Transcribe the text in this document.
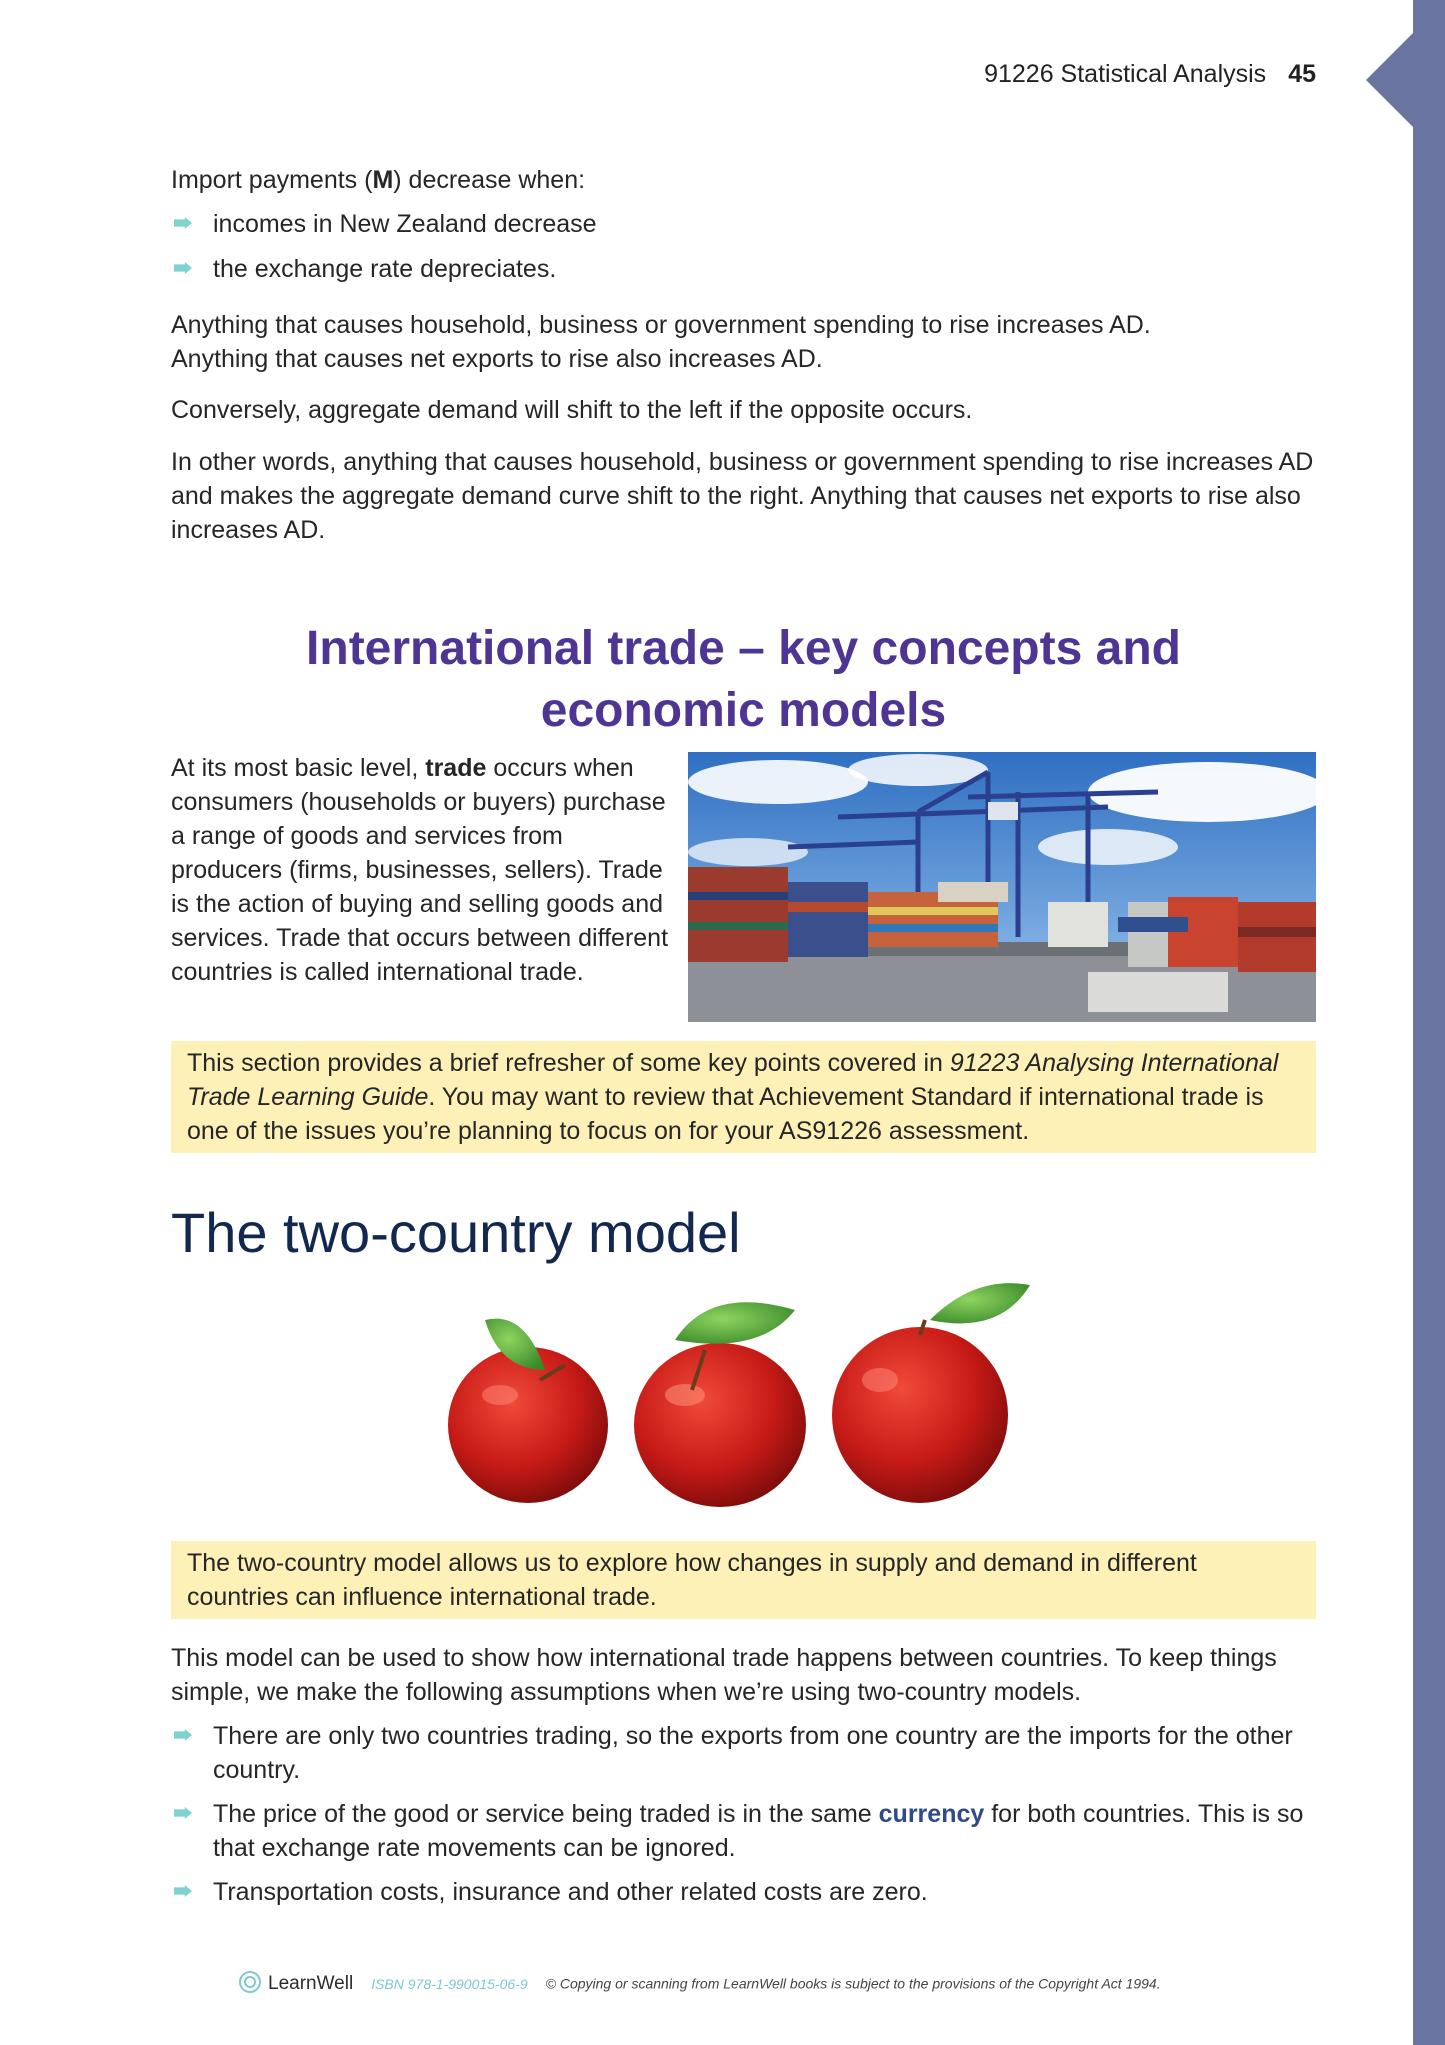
91226 Statistical Analysis 45

Import payments (M) decrease when:

incomes in New Zealand decrease
the exchange rate depreciates.

Anything that causes household, business or government spending to rise increases AD.

Anything that causes net exports to rise also increases AD.

Conversely, aggregate demand will shift to the left if the opposite occurs.

In other words, anything that causes household, business or government spending to rise increases AD and makes the aggregate demand curve shift to the right. Anything that causes net exports to rise also increases AD.

International trade – key concepts and
economic models

At its most basic level, trade occurs when consumers (households or buyers) purchase a range of goods and services from producers (firms, businesses, sellers). Trade is the action of buying and selling goods and services. Trade that occurs between different countries is called international trade.

This section provides a brief refresher of some key points covered in 91223 Analysing International Trade Learning Guide. You may want to review that Achievement Standard if international trade is one of the issues you’re planning to focus on for your AS91226 assessment.
The two-country model
The two-country model allows us to explore how changes in supply and demand in different countries can influence international trade.

This model can be used to show how international trade happens between countries. To keep things simple, we make the following assumptions when we’re using two-country models.

There are only two countries trading, so the exports from one country are the imports for the other country.
The price of the good or service being traded is in the same currency for both countries. This is so that exchange rate movements can be ignored.
Transportation costs, insurance and other related costs are zero.
LearnWell ISBN 978-1-990015-06-9 © Copying or scanning from LearnWell books is subject to the provisions of the Copyright Act 1994.
